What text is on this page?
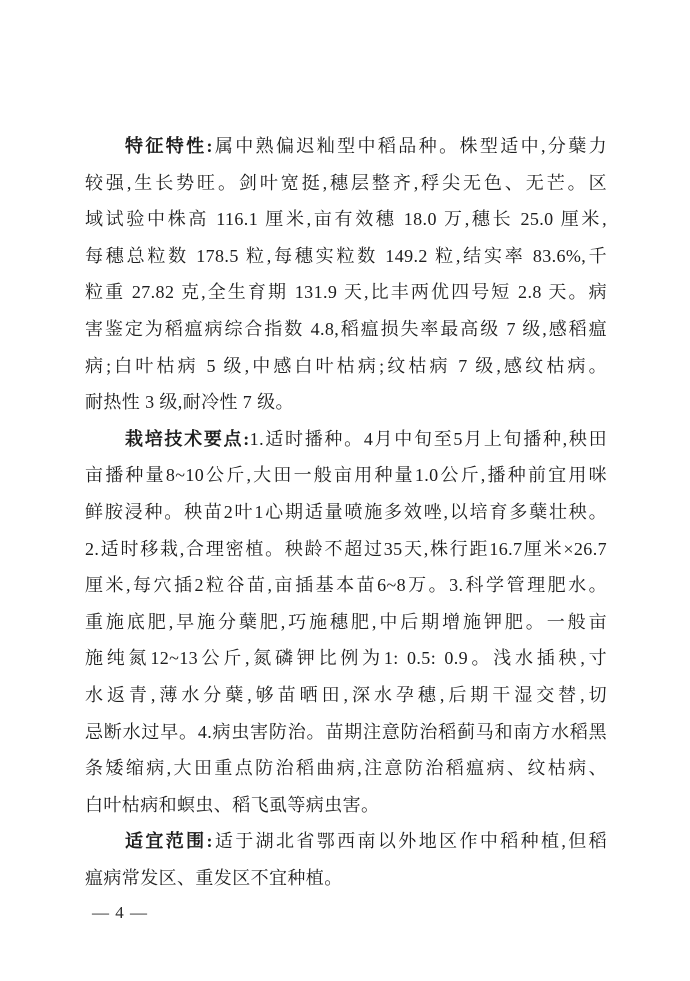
特征特性:属中熟偏迟籼型中稻品种。株型适中,分蘖力
较强,生长势旺。剑叶宽挺,穗层整齐,稃尖无色、无芒。区
域试验中株高 116.1 厘米,亩有效穗 18.0 万,穗长 25.0 厘米,
每穗总粒数 178.5 粒,每穗实粒数 149.2 粒,结实率 83.6%,千
粒重 27.82 克,全生育期 131.9 天,比丰两优四号短 2.8 天。病
害鉴定为稻瘟病综合指数 4.8,稻瘟损失率最高级 7 级,感稻瘟
病;白叶枯病 5 级,中感白叶枯病;纹枯病 7 级,感纹枯病。
耐热性 3 级,耐冷性 7 级。
栽培技术要点:1.适时播种。4月中旬至5月上旬播种,秧田
亩播种量8~10公斤,大田一般亩用种量1.0公斤,播种前宜用咪
鲜胺浸种。秧苗2叶1心期适量喷施多效唑,以培育多蘖壮秧。
2.适时移栽,合理密植。秧龄不超过35天,株行距16.7厘米×26.7
厘米,每穴插2粒谷苗,亩插基本苗6~8万。3.科学管理肥水。
重施底肥,早施分蘖肥,巧施穗肥,中后期增施钾肥。一般亩
施纯氮12~13公斤,氮磷钾比例为1: 0.5: 0.9。浅水插秧,寸
水返青,薄水分蘖,够苗晒田,深水孕穗,后期干湿交替,切
忌断水过早。4.病虫害防治。苗期注意防治稻蓟马和南方水稻黑
条矮缩病,大田重点防治稻曲病,注意防治稻瘟病、纹枯病、
白叶枯病和螟虫、稻飞虱等病虫害。
适宜范围:适于湖北省鄂西南以外地区作中稻种植,但稻
瘟病常发区、重发区不宜种植。
— 4 —
